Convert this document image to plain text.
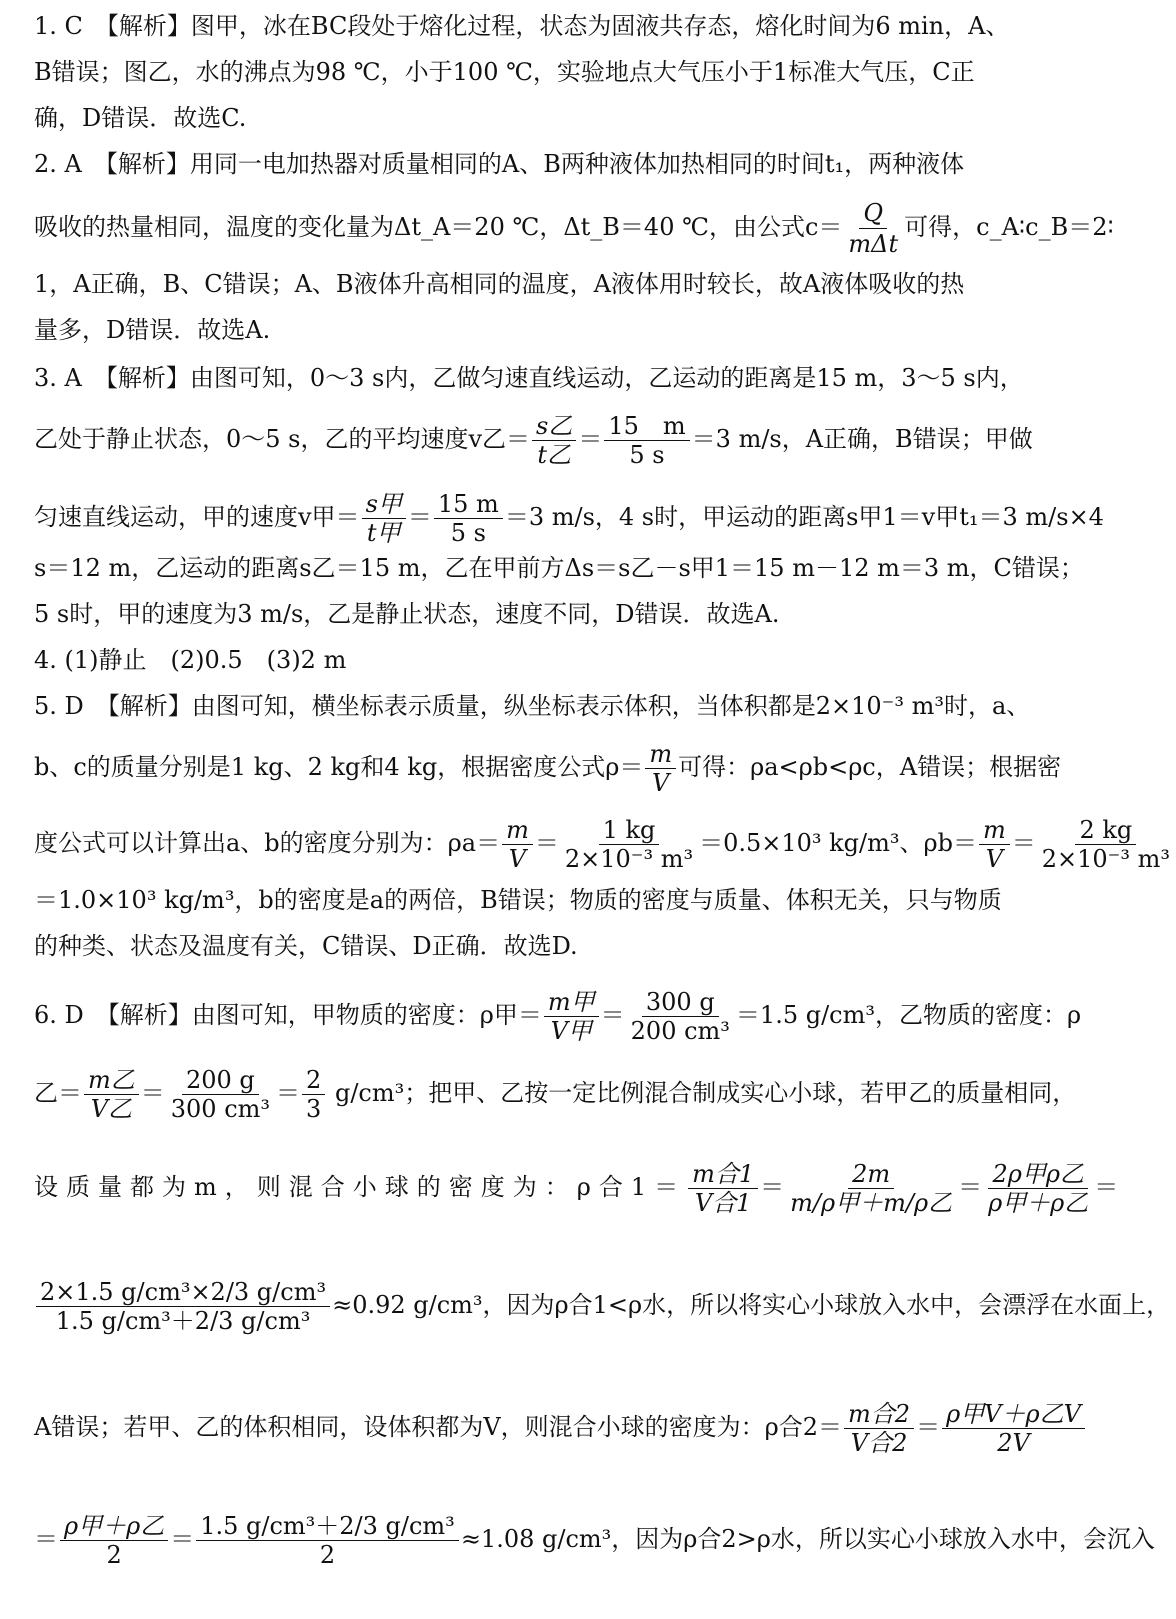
1. C　【解析】图甲，冰在BC段处于熔化过程，状态为固液共存态，熔化时间为6 min，A、
B错误；图乙，水的沸点为98 ℃，小于100 ℃，实验地点大气压小于1标准大气压，C正
确，D错误．故选C.
2. A　【解析】用同一电加热器对质量相同的A、B两种液体加热相同的时间t₁，两种液体
吸收的热量相同，温度的变化量为Δt_A＝20 ℃，Δt_B＝40 ℃，由公式$c= \frac{Q}{\text{mΔt}}$ 可得，c_A∶c_B＝2∶
1，A正确，B、C错误；A、B液体升高相同的温度，A液体用时较长，故A液体吸收的热
量多，D错误．故选A.
3. A　【解析】由图可知，0～3 s内，乙做匀速直线运动，乙运动的距离是15 m，3～5 s内，
乙处于静止状态，0～5 s，乙的平均速度v乙＝ $\frac{\text{s乙}}{\text{t乙}} = \frac{15 m}{5 s} =3$ m/s，A正确，B错误；甲做
匀速直线运动，甲的速度v甲＝ $\frac{\text{s甲}}{\text{t甲}} = \frac{15 m}{5 s} =3$ m/s，4 s时，甲运动的距离s甲1＝v甲t₁＝3 m/s×4
s＝12 m，乙运动的距离s乙＝15 m，乙在甲前方Δs＝s乙－s甲1＝15 m－12 m＝3 m，C错误；
5 s时，甲的速度为3 m/s，乙是静止状态，速度不同，D错误．故选A.
4. (1)静止　(2)0.5　(3)2 m
5. D　【解析】由图可知，横坐标表示质量，纵坐标表示体积，当体积都是2×10⁻³ m³时，a、
b、c的质量分别是1 kg、2 kg和4 kg，根据密度公式$\rho= \frac{m}{V}$ 可得：ρa<ρb<ρc，A错误；根据密
度公式可以计算出a、b的密度分别为：$\rho a= \frac{m}{V} = \frac{1 kg}{\text{2×10⁻³ m³}} =0.5\times 10^3$ kg/m³、$\rho b= \frac{m}{V} = \frac{2 kg}{\text{2×10⁻³ m³}}$
＝1.0×10³ kg/m³，b的密度是a的两倍，B错误；物质的密度与质量、体积无关，只与物质
的种类、状态及温度有关，C错误、D正确．故选D.
6. D　【解析】由图可知，甲物质的密度：ρ甲＝ $\frac{\text{m甲}}{\text{V甲}} = \frac{300 g}{\text{200 cm³}} =1.5$ g/cm³，乙物质的密度：ρ
乙＝ $\frac{\text{m乙}}{\text{V乙}} = \frac{200 g}{\text{300 cm³}} = \frac{2}{3} g/cm^3$；把甲、乙按一定比例混合制成实心小球，若甲乙的质量相同，
设质量都为m，则混合小球的密度为：ρ合$1= \frac{\text{m合1}}{\text{V合1}} = \frac{2m}{\text{m/ρ甲＋m/ρ乙}} = \frac{\text{2ρ甲ρ乙}}{\text{ρ甲＋ρ乙}}$ ＝
$\frac{\text{2×1.5 g/cm³×2/3 g/cm³}}{\text{1.5 g/cm³＋2/3 g/cm³}} \approx 0.92$ g/cm³，因为ρ合1<ρ水，所以将实心小球放入水中，会漂浮在水面上，
A错误；若甲、乙的体积相同，设体积都为V，则混合小球的密度为：ρ合$2= \frac{\text{m合2}}{\text{V合2}} = \frac{\text{ρ甲V＋ρ乙V}}{2V}$
＝ $\frac{\text{ρ甲＋ρ乙}}{2} = \frac{\text{1.5 g/cm³＋2/3 g/cm³}}{2} \approx 1.08$ g/cm³，因为ρ合2>ρ水，所以实心小球放入水中，会沉入
